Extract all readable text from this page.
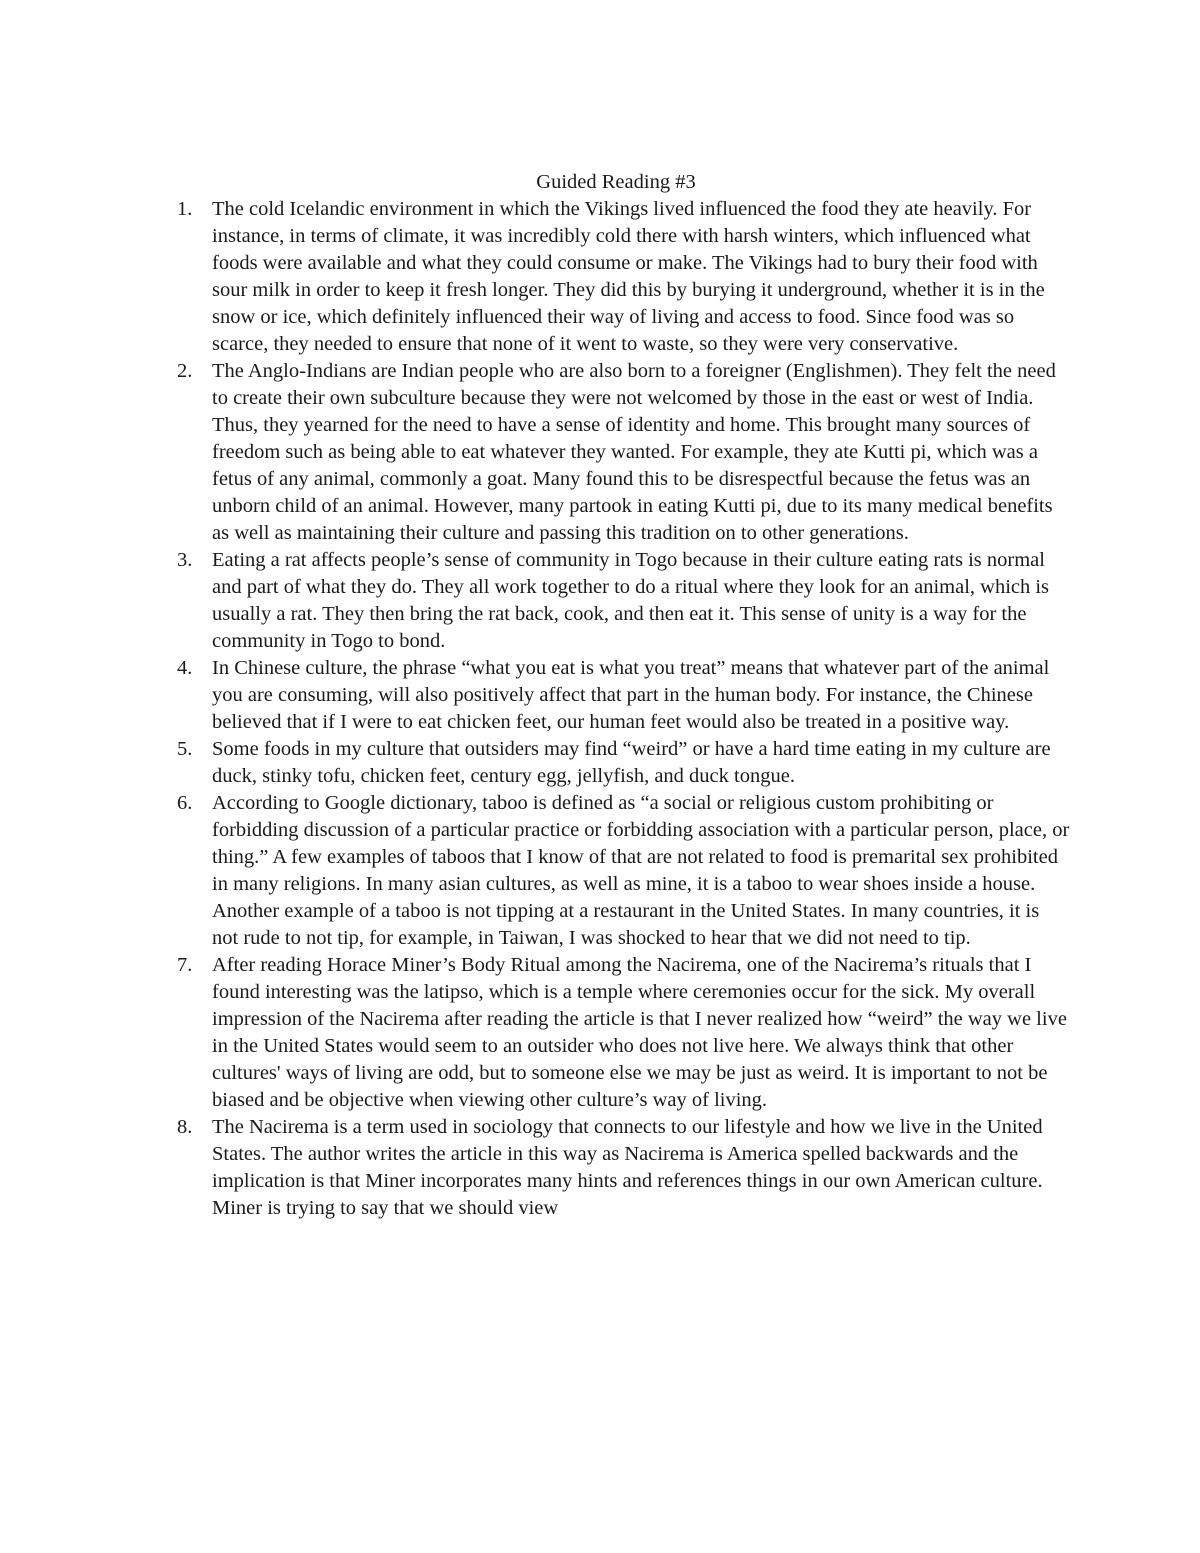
Guided Reading #3
1. The cold Icelandic environment in which the Vikings lived influenced the food they ate heavily. For instance, in terms of climate, it was incredibly cold there with harsh winters, which influenced what foods were available and what they could consume or make. The Vikings had to bury their food with sour milk in order to keep it fresh longer. They did this by burying it underground, whether it is in the snow or ice, which definitely influenced their way of living and access to food. Since food was so scarce, they needed to ensure that none of it went to waste, so they were very conservative.
2. The Anglo-Indians are Indian people who are also born to a foreigner (Englishmen). They felt the need to create their own subculture because they were not welcomed by those in the east or west of India. Thus, they yearned for the need to have a sense of identity and home. This brought many sources of freedom such as being able to eat whatever they wanted. For example, they ate Kutti pi, which was a fetus of any animal, commonly a goat. Many found this to be disrespectful because the fetus was an unborn child of an animal. However, many partook in eating Kutti pi, due to its many medical benefits as well as maintaining their culture and passing this tradition on to other generations.
3. Eating a rat affects people’s sense of community in Togo because in their culture eating rats is normal and part of what they do. They all work together to do a ritual where they look for an animal, which is usually a rat. They then bring the rat back, cook, and then eat it. This sense of unity is a way for the community in Togo to bond.
4. In Chinese culture, the phrase “what you eat is what you treat” means that whatever part of the animal you are consuming, will also positively affect that part in the human body. For instance, the Chinese believed that if I were to eat chicken feet, our human feet would also be treated in a positive way.
5. Some foods in my culture that outsiders may find “weird” or have a hard time eating in my culture are duck, stinky tofu, chicken feet, century egg, jellyfish, and duck tongue.
6. According to Google dictionary, taboo is defined as “a social or religious custom prohibiting or forbidding discussion of a particular practice or forbidding association with a particular person, place, or thing.” A few examples of taboos that I know of that are not related to food is premarital sex prohibited in many religions. In many asian cultures, as well as mine, it is a taboo to wear shoes inside a house. Another example of a taboo is not tipping at a restaurant in the United States. In many countries, it is not rude to not tip, for example, in Taiwan, I was shocked to hear that we did not need to tip.
7. After reading Horace Miner’s Body Ritual among the Nacirema, one of the Nacirema’s rituals that I found interesting was the latipso, which is a temple where ceremonies occur for the sick. My overall impression of the Nacirema after reading the article is that I never realized how “weird” the way we live in the United States would seem to an outsider who does not live here. We always think that other cultures' ways of living are odd, but to someone else we may be just as weird. It is important to not be biased and be objective when viewing other culture’s way of living.
8. The Nacirema is a term used in sociology that connects to our lifestyle and how we live in the United States. The author writes the article in this way as Nacirema is America spelled backwards and the implication is that Miner incorporates many hints and references things in our own American culture. Miner is trying to say that we should view
